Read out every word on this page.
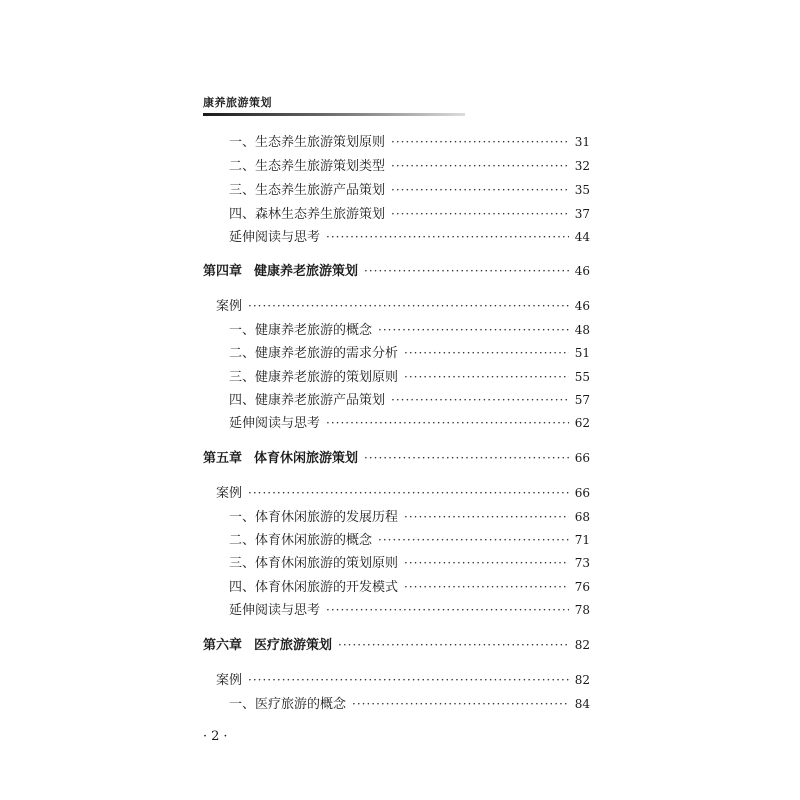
康养旅游策划
一、生态养生旅游策划原则 ·····	31
二、生态养生旅游策划类型 ·····	32
三、生态养生旅游产品策划 ·····	35
四、森林生态养生旅游策划 ·····	37
延伸阅读与思考 ·····	44
第四章 健康养老旅游策划 ·····	46
案例 ·····	46
一、健康养老旅游的概念 ·····	48
二、健康养老旅游的需求分析 ·····	51
三、健康养老旅游的策划原则 ·····	55
四、健康养老旅游产品策划 ·····	57
延伸阅读与思考 ·····	62
第五章 体育休闲旅游策划 ·····	66
案例 ·····	66
一、体育休闲旅游的发展历程 ·····	68
二、体育休闲旅游的概念 ·····	71
三、体育休闲旅游的策划原则 ·····	73
四、体育休闲旅游的开发模式 ·····	76
延伸阅读与思考 ·····	78
第六章 医疗旅游策划 ·····	82
案例 ·····	82
一、医疗旅游的概念 ·····	84
·2·
